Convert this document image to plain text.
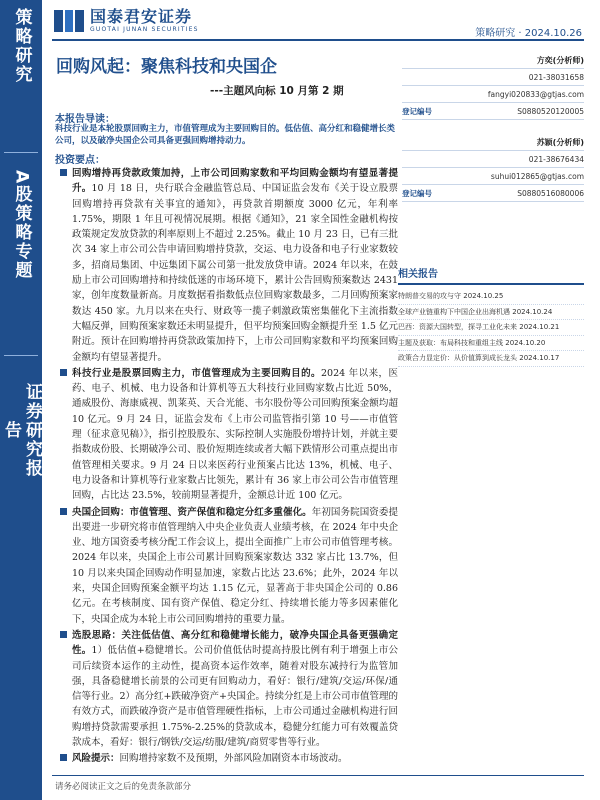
策略研究
A股策略专题
证券研究报告
国泰君安证券
GUOTAI JUNAN SECURITIES	策略研究 · 2024.10.26
回购风起：聚焦科技和央国企
---主题风向标 10 月第 2 期
本报告导读：
科技行业是本轮股票回购主力，市值管理成为主要回购目的。低估值、高分红和稳健增长类公司，以及破净央国企公司具备更强回购增持动力。
投资要点：
回购增持再贷款政策加持，上市公司回购家数和平均回购金额均有望显著提升。10 月 18 日，央行联合金融监管总局、中国证监会发布《关于设立股票回购增持再贷款有关事宜的通知》，再贷款首期额度 3000 亿元，年利率 1.75%，期限 1 年且可视情况展期。根据《通知》，21 家全国性金融机构按政策规定发放贷款的利率原则上不超过 2.25%。截止 10 月 23 日，已有三批次 34 家上市公司公告申请回购增持贷款，交运、电力设备和电子行业家数较多，招商局集团、中远集团下属公司第一批发放贷申请。2024 年以来，在鼓励上市公司回购增持和持续低迷的市场环境下，累计公告回购预案数达 2431 家，创年度数量新高。月度数据看指数低点位回购家数最多，二月回购预案家数达 450 家。九月以来在央行、财政等一揽子刺激政策密集催化下主流指数大幅反弹，回购预案家数还未明显提升，但平均预案回购金额提升至 1.5 亿元附近。预计在回购增持再贷款政策加持下，上市公司回购家数和平均预案回购金额均有望显著提升。
科技行业是股票回购主力，市值管理成为主要回购目的。2024 年以来，医药、电子、机械、电力设备和计算机等五大科技行业回购家数占比近 50%，通威股份、海康威视、凯莱英、天合光能、韦尔股份等公司回购预案金额均超 10 亿元。9 月 24 日，证监会发布《上市公司监管指引第 10 号——市值管理（征求意见稿）》，指引控股股东、实际控制人实施股份增持计划，并就主要指数成份股、长期破净公司、股价短期连续或者大幅下跌情形公司重点提出市值管理相关要求。9 月 24 日以来医药行业预案占比达 13%，机械、电子、电力设备和计算机等行业家数占比领先，累计有 36 家上市公司公告市值管理回购，占比达 23.5%，较前期显著提升，金额总计近 100 亿元。
央国企回购：市值管理、资产保值和稳定分红多重催化。年初国务院国资委提出要进一步研究将市值管理纳入中央企业负责人业绩考核，在 2024 年中央企业、地方国资委考核分配工作会议上，提出全面推广上市公司市值管理考核。2024 年以来，央国企上市公司累计回购预案家数达 332 家占比 13.7%，但 10 月以来央国企回购动作明显加速，家数占比达 23.6%；此外，2024 年以来，央国企回购预案金额平均达 1.15 亿元，显著高于非央国企公司的 0.86 亿元。在考核制度、国有资产保值、稳定分红、持续增长能力等多因素催化下，央国企成为本轮上市公司回购增持的重要力量。
选股思路：关注低估值、高分红和稳健增长能力，破净央国企具备更强确定性。1）低估值+稳健增长。公司价值低估时提高持股比例有利于增强上市公司后续资本运作的主动性，提高资本运作效率，随着对股东减持行为监管加强，具备稳健增长前景的公司更有回购动力，看好：银行/建筑/交运/环保/通信等行业。2）高分红+跌破净资产+央国企。持续分红是上市公司市值管理的有效方式，而跌破净资产是市值管理硬性指标，上市公司通过金融机构进行回购增持贷款需要承担 1.75%-2.25%的贷款成本，稳健分红能力可有效覆盖贷款成本，看好：银行/钢铁/交运/纺服/建筑/商贸零售等行业。
风险提示：回购增持家数不及预期，外部风险加剧资本市场波动。
方奕(分析师)
021-38031658
fangyi020833@gtjas.com
登记编号	S0880520120005
苏颖(分析师)
021-38676434
suhui012865@gtjas.com
登记编号	S0880516080006
相关报告
特朗普交易的攻与守 2024.10.25
全球产业链重构下中国企业出海机遇 2024.10.24
巴西：资源大国转型，探寻工业化未来 2024.10.21
主题及获取：布局科技和重组主线 2024.10.20
政策合力显定价：从价值算到成长龙头 2024.10.17
请务必阅读正文之后的免责条款部分
